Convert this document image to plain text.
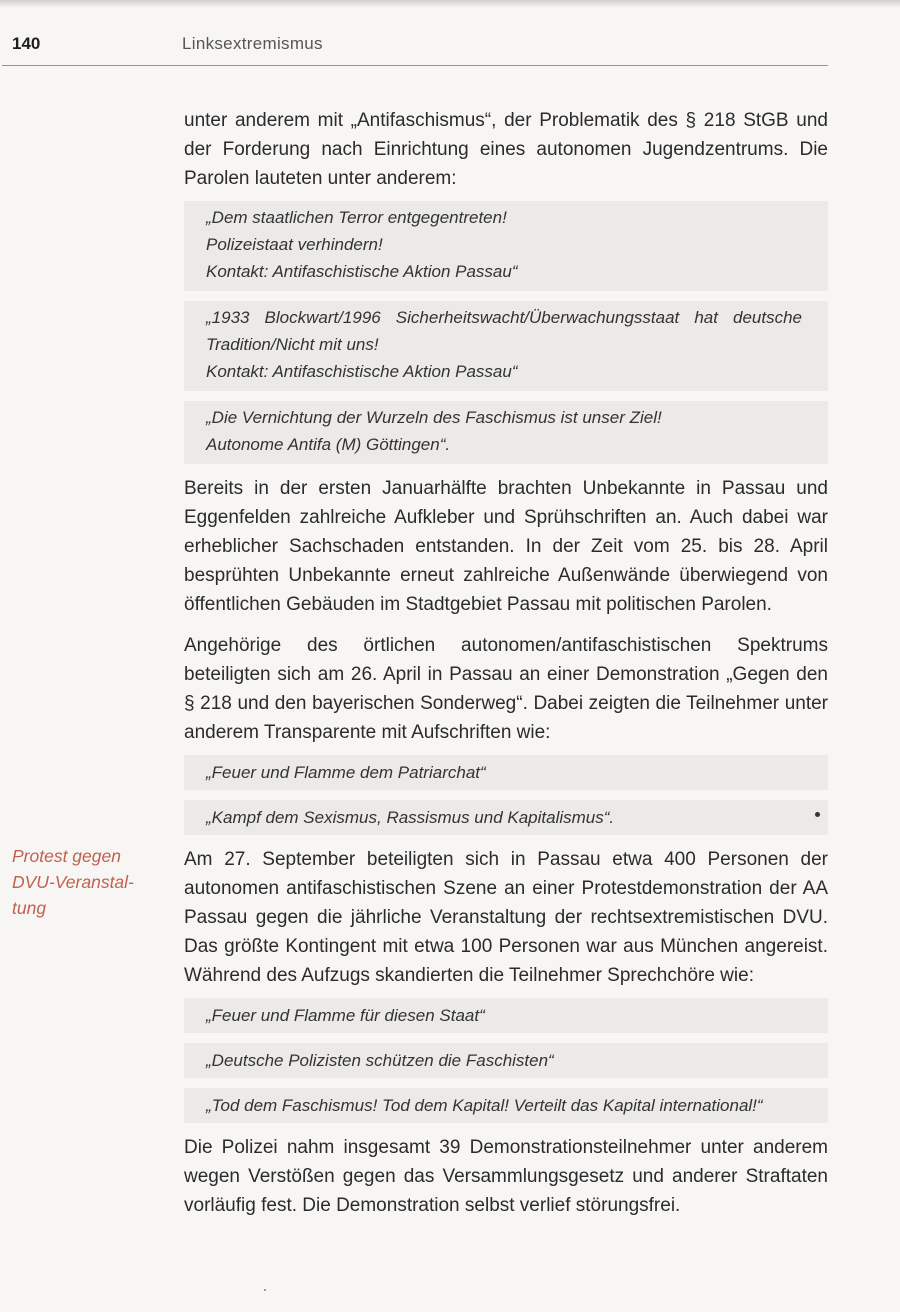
140	Linksextremismus
Protest gegen
DVU-Veranstal-
tung

unter anderem mit „Antifaschismus“, der Problematik des § 218 StGB und der Forderung nach Einrichtung eines autonomen Jugendzentrums. Die Parolen lauteten unter anderem:

„Dem staatlichen Terror entgegentreten!
Polizeistaat verhindern!
Kontakt: Antifaschistische Aktion Passau“
„1933 Blockwart/1996 Sicherheitswacht/Überwachungsstaat hat deutsche Tradition/Nicht mit uns!
Kontakt: Antifaschistische Aktion Passau“
„Die Vernichtung der Wurzeln des Faschismus ist unser Ziel!
Autonome Antifa (M) Göttingen“.

Bereits in der ersten Januarhälfte brachten Unbekannte in Passau und Eggenfelden zahlreiche Aufkleber und Sprühschriften an. Auch dabei war erheblicher Sachschaden entstanden. In der Zeit vom 25. bis 28. April besprühten Unbekannte erneut zahlreiche Außenwände überwiegend von öffentlichen Gebäuden im Stadtgebiet Passau mit politischen Parolen.

Angehörige des örtlichen autonomen/antifaschistischen Spektrums beteiligten sich am 26. April in Passau an einer Demonstration „Gegen den § 218 und den bayerischen Sonderweg“. Dabei zeigten die Teilnehmer unter anderem Transparente mit Aufschriften wie:

„Feuer und Flamme dem Patriarchat“
„Kampf dem Sexismus, Rassismus und Kapitalismus“.

Am 27. September beteiligten sich in Passau etwa 400 Personen der autonomen antifaschistischen Szene an einer Protestdemonstration der AA Passau gegen die jährliche Veranstaltung der rechtsextremistischen DVU. Das größte Kontingent mit etwa 100 Personen war aus München angereist. Während des Aufzugs skandierten die Teilnehmer Sprechchöre wie:

„Feuer und Flamme für diesen Staat“
„Deutsche Polizisten schützen die Faschisten“
„Tod dem Faschismus! Tod dem Kapital! Verteilt das Kapital international!“

Die Polizei nahm insgesamt 39 Demonstrationsteilnehmer unter anderem wegen Verstößen gegen das Versammlungsgesetz und anderer Straftaten vorläufig fest. Die Demonstration selbst verlief störungsfrei.
